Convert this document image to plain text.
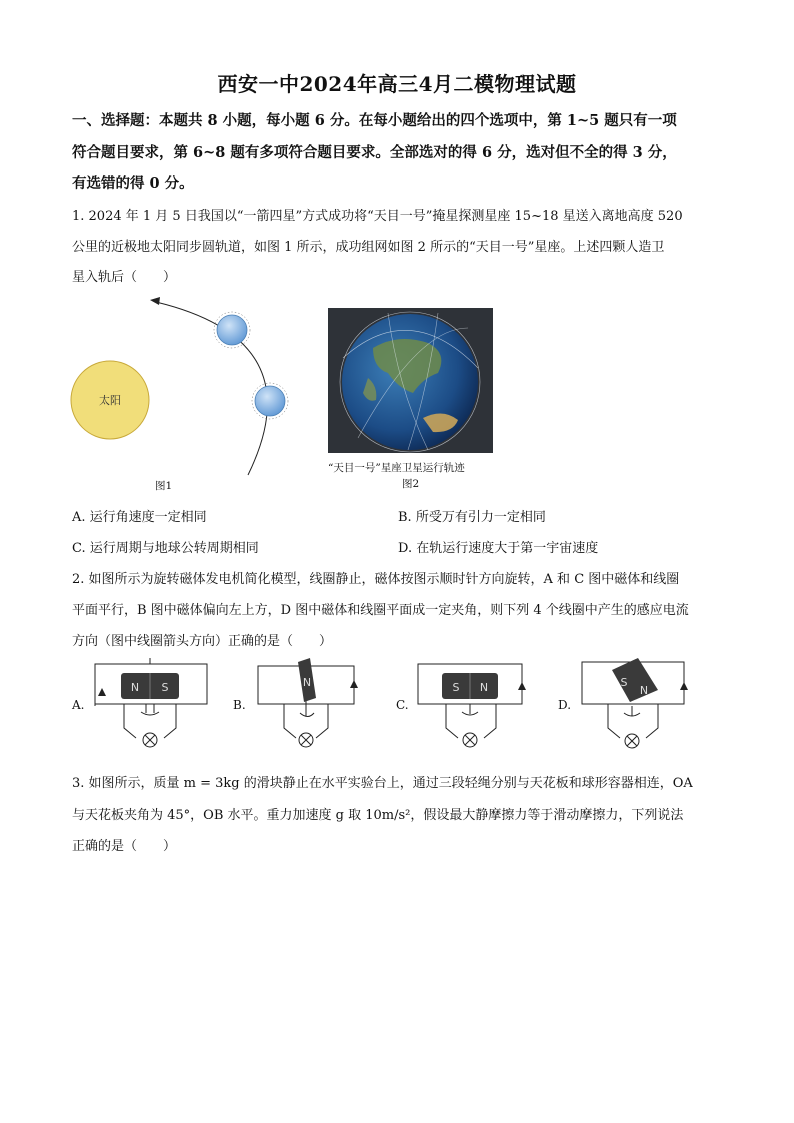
西安一中2024年高三4月二模物理试题
一、选择题：本题共 8 小题，每小题 6 分。在每小题给出的四个选项中，第 1~5 题只有一项
符合题目要求，第 6~8 题有多项符合题目要求。全部选对的得 6 分，选对但不全的得 3 分，
有选错的得 0 分。
1. 2024 年 1 月 5 日我国以“一箭四星”方式成功将“天目一号”掩星探测星座 15~18 星送入离地高度 520
公里的近极地太阳同步圆轨道，如图 1 所示，成功组网如图 2 所示的“天目一号”星座。上述四颗人造卫
星入轨后（　　）
太阳
图1
“天目一号”星座卫星运行轨迹
图2
A. 运行角速度一定相同	B. 所受万有引力一定相同
C. 运行周期与地球公转周期相同	D. 在轨运行速度大于第一宇宙速度
2. 如图所示为旋转磁体发电机简化模型，线圈静止，磁体按图示顺时针方向旋转，A 和 C 图中磁体和线圈
平面平行，B 图中磁体偏向左上方，D 图中磁体和线圈平面成一定夹角，则下列 4 个线圈中产生的感应电流
方向（图中线圈箭头方向）正确的是（　　）
A.
N S
B.
N
C.
S N
D.
S
N
3. 如图所示，质量 m = 3kg 的滑块静止在水平实验台上，通过三段轻绳分别与天花板和球形容器相连，OA
与天花板夹角为 45°，OB 水平。重力加速度 g 取 10m/s²，假设最大静摩擦力等于滑动摩擦力，下列说法
正确的是（　　）
